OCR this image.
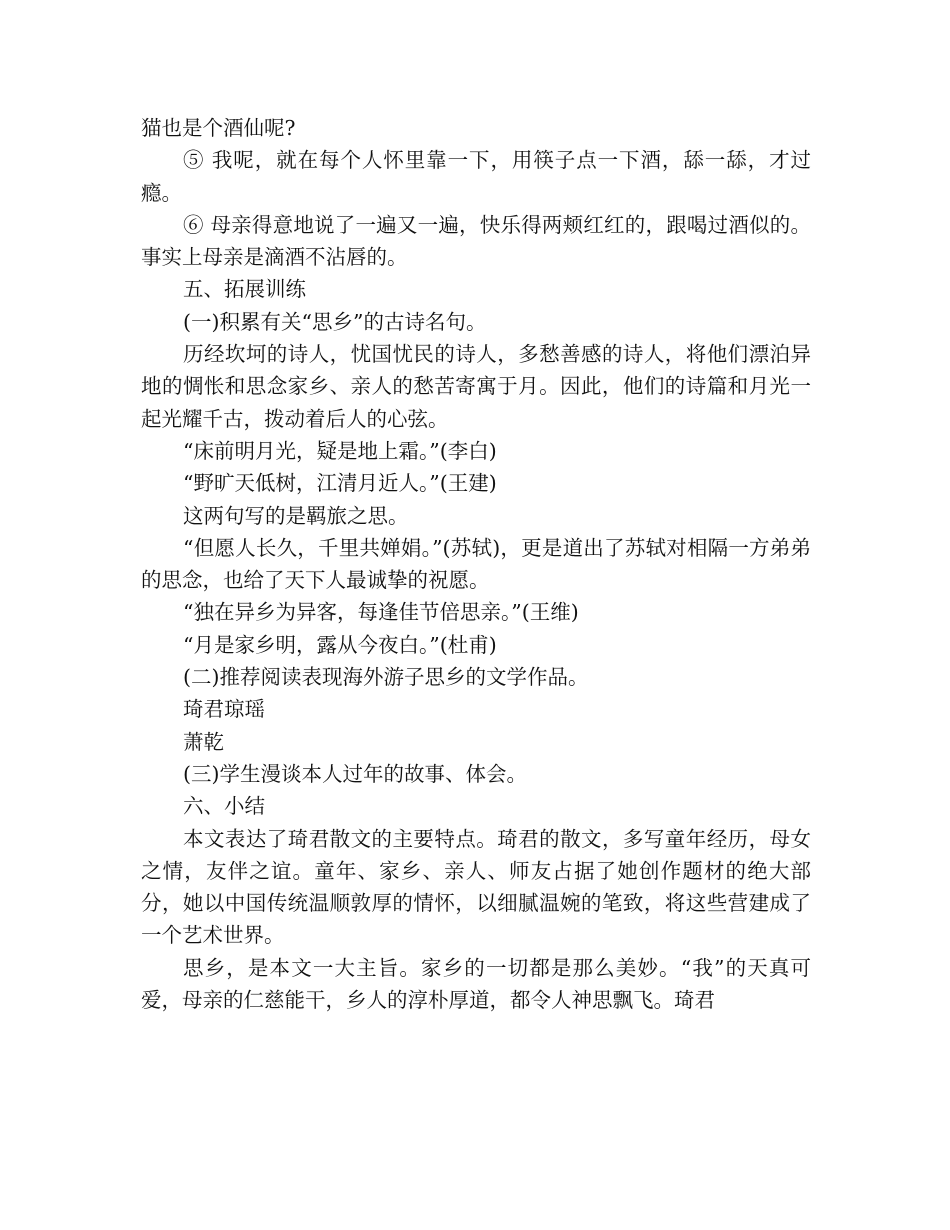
猫也是个酒仙呢?

⑤ 我呢，就在每个人怀里靠一下，用筷子点一下酒，舔一舔，才过瘾。

⑥ 母亲得意地说了一遍又一遍，快乐得两颊红红的，跟喝过酒似的。事实上母亲是滴酒不沾唇的。

五、拓展训练

(一)积累有关“思乡”的古诗名句。

历经坎坷的诗人，忧国忧民的诗人，多愁善感的诗人，将他们漂泊异地的惆怅和思念家乡、亲人的愁苦寄寓于月。因此，他们的诗篇和月光一起光耀千古，拨动着后人的心弦。

“床前明月光，疑是地上霜。”(李白)

“野旷天低树，江清月近人。”(王建)

这两句写的是羁旅之思。

“但愿人长久，千里共婵娟。”(苏轼)，更是道出了苏轼对相隔一方弟弟的思念，也给了天下人最诚挚的祝愿。

“独在异乡为异客，每逢佳节倍思亲。”(王维)

“月是家乡明，露从今夜白。”(杜甫)

(二)推荐阅读表现海外游子思乡的文学作品。

琦君琼瑶

萧乾

(三)学生漫谈本人过年的故事、体会。

六、小结

本文表达了琦君散文的主要特点。琦君的散文，多写童年经历，母女之情，友伴之谊。童年、家乡、亲人、师友占据了她创作题材的绝大部分，她以中国传统温顺敦厚的情怀，以细腻温婉的笔致，将这些营建成了一个艺术世界。

思乡，是本文一大主旨。家乡的一切都是那么美妙。“我”的天真可爱，母亲的仁慈能干，乡人的淳朴厚道，都令人神思飘飞。琦君
